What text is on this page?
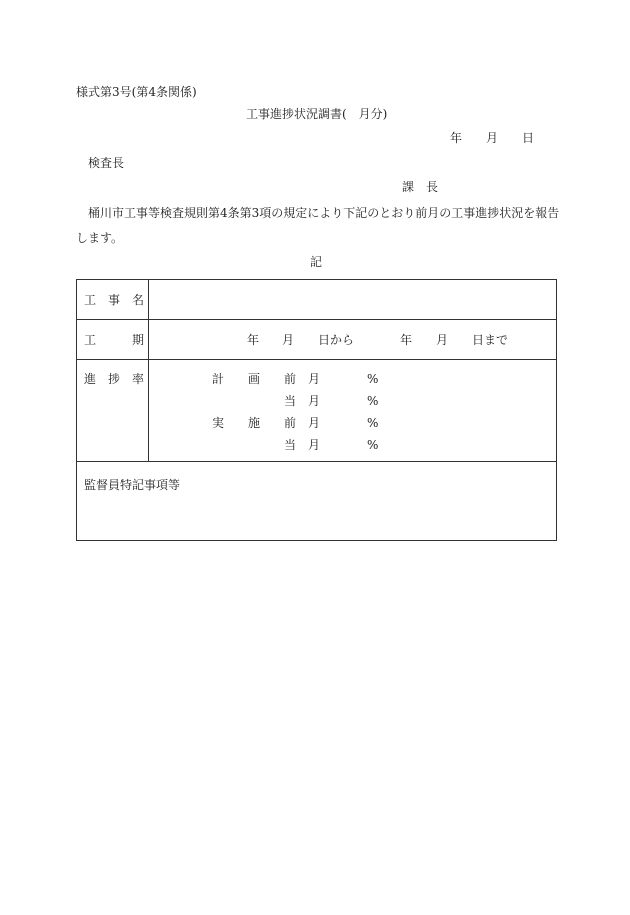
様式第3号(第4条関係)
工事進捗状況調書(　月分)
年 月 日
検査長
課　長
桶川市工事等検査規則第4条第3項の規定により下記のとおり前月の工事進捗状況を報告
します。
記
工　事　名
工　　　期	年 月 日から	年 月 日まで
進　捗　率	計　　画 前　月	%
当　月	%
実　　施 前　月	%
当　月	%
監督員特記事項等
